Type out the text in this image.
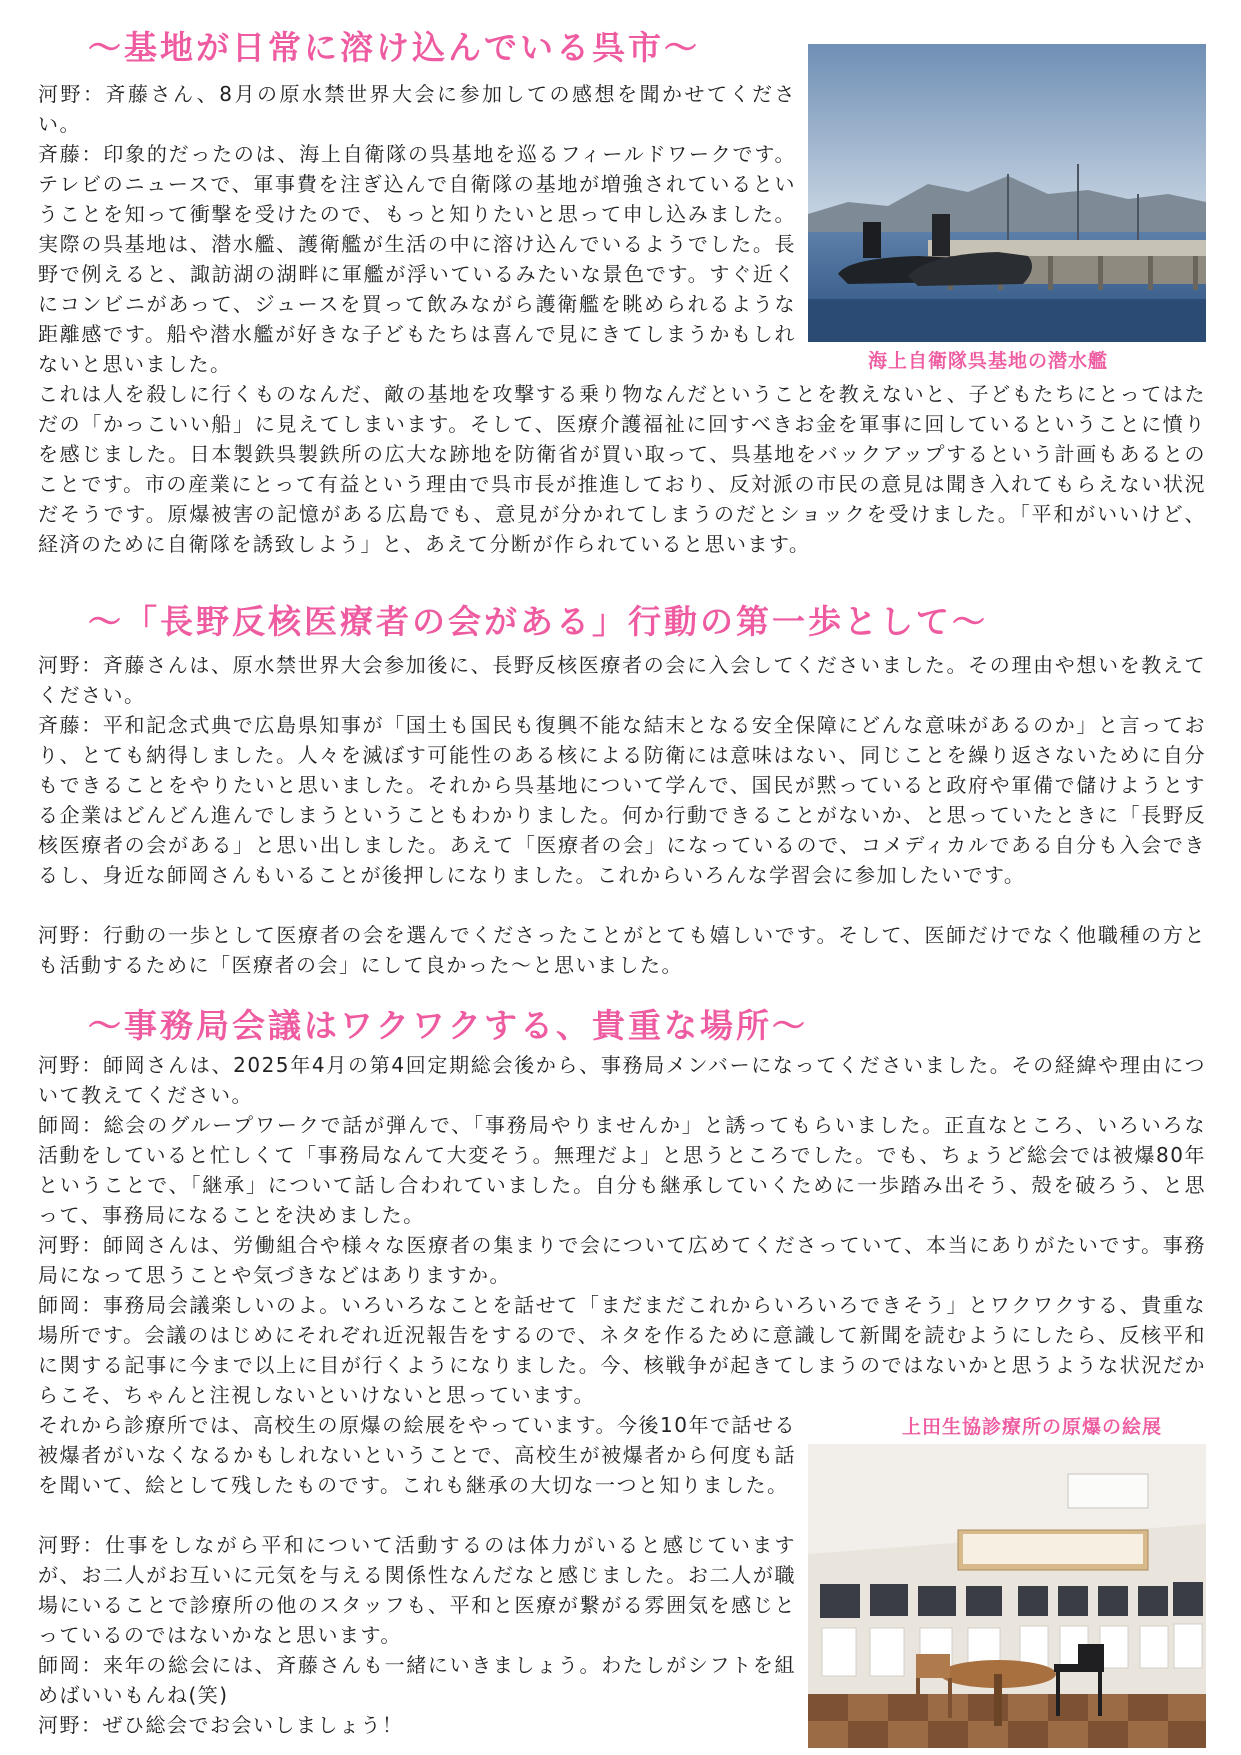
～基地が日常に溶け込んでいる呉市～

河野：斉藤さん、8月の原水禁世界大会に参加しての感想を聞かせてください。

斉藤：印象的だったのは、海上自衛隊の呉基地を巡るフィールドワークです。テレビのニュースで、軍事費を注ぎ込んで自衛隊の基地が増強されているということを知って衝撃を受けたので、もっと知りたいと思って申し込みました。実際の呉基地は、潜水艦、護衛艦が生活の中に溶け込んでいるようでした。長野で例えると、諏訪湖の湖畔に軍艦が浮いているみたいな景色です。すぐ近くにコンビニがあって、ジュースを買って飲みながら護衛艦を眺められるような距離感です。船や潜水艦が好きな子どもたちは喜んで見にきてしまうかもしれないと思いました。	海上自衛隊呉基地の潜水艦

これは人を殺しに行くものなんだ、敵の基地を攻撃する乗り物なんだということを教えないと、子どもたちにとってはただの「かっこいい船」に見えてしまいます。そして、医療介護福祉に回すべきお金を軍事に回しているということに憤りを感じました。日本製鉄呉製鉄所の広大な跡地を防衛省が買い取って、呉基地をバックアップするという計画もあるとのことです。市の産業にとって有益という理由で呉市長が推進しており、反対派の市民の意見は聞き入れてもらえない状況だそうです。原爆被害の記憶がある広島でも、意見が分かれてしまうのだとショックを受けました。「平和がいいけど、経済のために自衛隊を誘致しよう」と、あえて分断が作られていると思います。

～「長野反核医療者の会がある」行動の第一歩として～

河野：斉藤さんは、原水禁世界大会参加後に、長野反核医療者の会に入会してくださいました。その理由や想いを教えてください。

斉藤：平和記念式典で広島県知事が「国土も国民も復興不能な結末となる安全保障にどんな意味があるのか」と言っており、とても納得しました。人々を滅ぼす可能性のある核による防衛には意味はない、同じことを繰り返さないために自分もできることをやりたいと思いました。それから呉基地について学んで、国民が黙っていると政府や軍備で儲けようとする企業はどんどん進んでしまうということもわかりました。何か行動できることがないか、と思っていたときに「長野反核医療者の会がある」と思い出しました。あえて「医療者の会」になっているので、コメディカルである自分も入会できるし、身近な師岡さんもいることが後押しになりました。これからいろんな学習会に参加したいです。

河野：行動の一歩として医療者の会を選んでくださったことがとても嬉しいです。そして、医師だけでなく他職種の方とも活動するために「医療者の会」にして良かった～と思いました。

～事務局会議はワクワクする、貴重な場所～

河野：師岡さんは、2025年4月の第4回定期総会後から、事務局メンバーになってくださいました。その経緯や理由について教えてください。

師岡：総会のグループワークで話が弾んで、「事務局やりませんか」と誘ってもらいました。正直なところ、いろいろな活動をしていると忙しくて「事務局なんて大変そう。無理だよ」と思うところでした。でも、ちょうど総会では被爆80年ということで、「継承」について話し合われていました。自分も継承していくために一歩踏み出そう、殻を破ろう、と思って、事務局になることを決めました。

河野：師岡さんは、労働組合や様々な医療者の集まりで会について広めてくださっていて、本当にありがたいです。事務局になって思うことや気づきなどはありますか。

師岡：事務局会議楽しいのよ。いろいろなことを話せて「まだまだこれからいろいろできそう」とワクワクする、貴重な場所です。会議のはじめにそれぞれ近況報告をするので、ネタを作るために意識して新聞を読むようにしたら、反核平和に関する記事に今まで以上に目が行くようになりました。今、核戦争が起きてしまうのではないかと思うような状況だからこそ、ちゃんと注視しないといけないと思っています。

上田生協診療所の原爆の絵展

それから診療所では、高校生の原爆の絵展をやっています。今後10年で話せる被爆者がいなくなるかもしれないということで、高校生が被爆者から何度も話を聞いて、絵として残したものです。これも継承の大切な一つと知りました。

河野：仕事をしながら平和について活動するのは体力がいると感じていますが、お二人がお互いに元気を与える関係性なんだなと感じました。お二人が職場にいることで診療所の他のスタッフも、平和と医療が繋がる雰囲気を感じとっているのではないかなと思います。

師岡：来年の総会には、斉藤さんも一緒にいきましょう。わたしがシフトを組めばいいもんね(笑)

河野：ぜひ総会でお会いしましょう！
